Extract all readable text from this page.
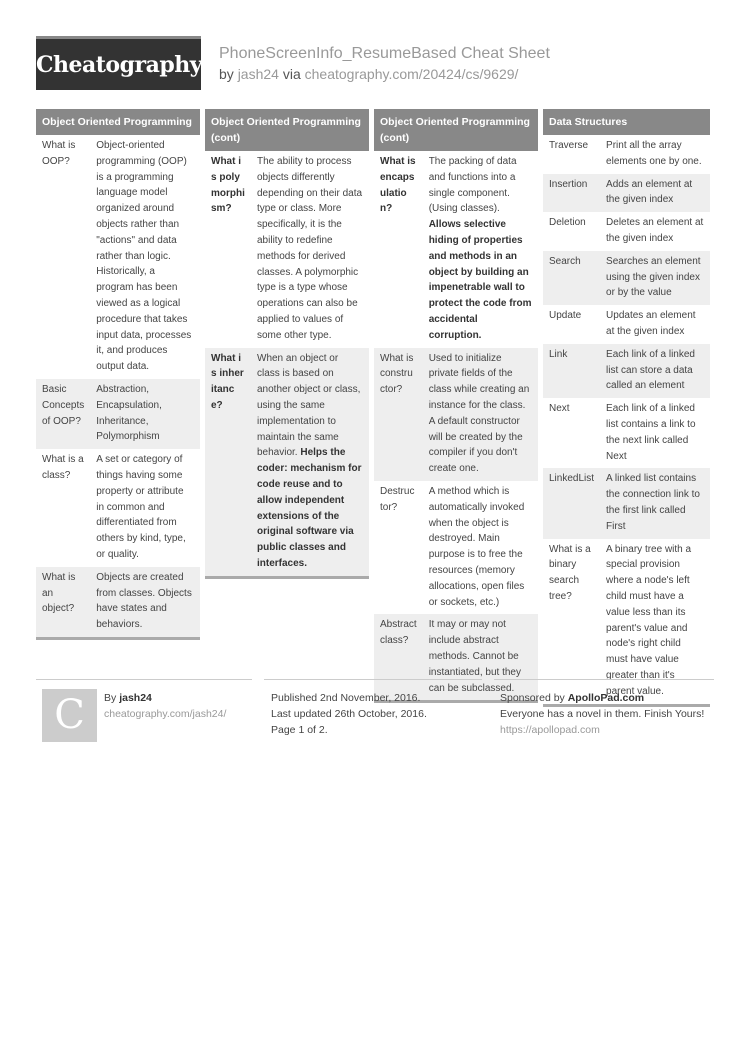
Cheatography PhoneScreenInfo_ResumeBased Cheat Sheet
by jash24 via cheatography.com/20424/cs/9629/
Object Oriented Programming
What is OOP?	Object-oriented programming (OOP) is a programming language model organized around objects rather than "actions" and data rather than logic. Historically, a program has been viewed as a logical procedure that takes input data, processes it, and produces output data.
Basic Concepts of OOP?	Abstraction, Encapsulation, Inheritance, Polymorphism
What is a class?	A set or category of things having some property or attribute in common and differentiated from others by kind, type, or quality.
What is an object?	Objects are created from classes. Objects have states and behaviors.
Object Oriented Programming (cont)
What is polymorphism?	The ability to process objects differently depending on their data type or class. More specifically, it is the ability to redefine methods for derived classes. A polymorphic type is a type whose operations can also be applied to values of some other type.
What is inheritance?	When an object or class is based on another object or class, using the same implementation to maintain the same behavior. Helps the coder: mechanism for code reuse and to allow independent extensions of the original software via public classes and interfaces.
Object Oriented Programming (cont)
What is encapsulation?	The packing of data and functions into a single component. (Using classes). Allows selective hiding of properties and methods in an object by building an impenetrable wall to protect the code from accidental corruption.
What is constructor?	Used to initialize private fields of the class while creating an instance for the class. A default constructor will be created by the compiler if you don't create one.
Destructor?	A method which is automatically invoked when the object is destroyed. Main purpose is to free the resources (memory allocations, open files or sockets, etc.)
Abstract class?	It may or may not include abstract methods. Cannot be instantiated, but they can be subclassed.
Data Structures
Traverse	Print all the array elements one by one.
Insertion	Adds an element at the given index
Deletion	Deletes an element at the given index
Search	Searches an element using the given index or by the value
Update	Updates an element at the given index
Link	Each link of a linked list can store a data called an element
Next	Each link of a linked list contains a link to the next link called Next
LinkedList	A linked list contains the connection link to the first link called First
What is a binary search tree?	A binary tree with a special provision where a node's left child must have a value less than its parent's value and node's right child must have value greater than it's parent value.
C	By jash24
cheatography.com/jash24/
Published 2nd November, 2016.
Last updated 26th October, 2016.
Page 1 of 2.
Sponsored by ApolloPad.com
Everyone has a novel in them. Finish Yours!
https://apollopad.com
